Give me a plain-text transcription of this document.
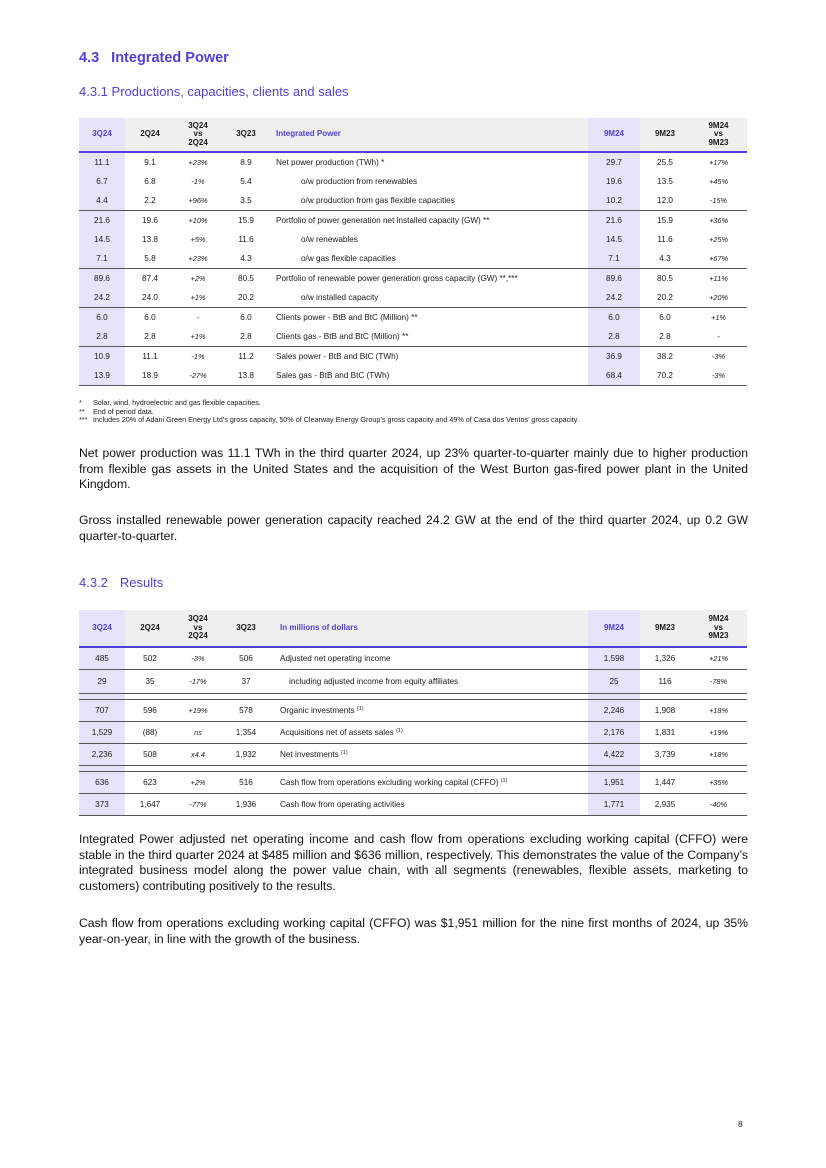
4.3 Integrated Power
4.3.1 Productions, capacities, clients and sales
3Q24	2Q24	3Q24
vs
2Q24	3Q23	Integrated Power	9M24	9M23	9M24
vs
9M23
11.1	9.1	+23%	8.9	Net power production (TWh) *	29.7	25.5	+17%
6.7	6.8	-1%	5.4	o/w production from renewables	19.6	13.5	+45%
4.4	2.2	+96%	3.5	o/w production from gas flexible capacities	10.2	12.0	-15%
21.6	19.6	+10%	15.9	Portfolio of power generation net installed capacity (GW) **	21.6	15.9	+36%
14.5	13.8	+5%	11.6	o/w renewables	14.5	11.6	+25%
7.1	5.8	+23%	4.3	o/w gas flexible capacities	7.1	4.3	+67%
89.6	87.4	+2%	80.5	Portfolio of renewable power generation gross capacity (GW) **,***	89.6	80.5	+11%
24.2	24.0	+1%	20.2	o/w installed capacity	24.2	20.2	+20%
6.0	6.0	-	6.0	Clients power - BtB and BtC (Million) **	6.0	6.0	+1%
2.8	2.8	+1%	2.8	Clients gas - BtB and BtC (Million) **	2.8	2.8	-
10.9	11.1	-1%	11.2	Sales power - BtB and BtC (TWh)	36.9	38.2	-3%
13.9	18.9	-27%	13.8	Sales gas - BtB and BtC (TWh)	68.4	70.2	-3%
*	Solar, wind, hydroelectric and gas flexible capacities.
**	End of period data.
*** Includes 20% of Adani Green Energy Ltd’s gross capacity, 50% of Clearway Energy Group’s gross capacity and 49% of Casa dos Ventos’ gross capacity.
Net power production was 11.1 TWh in the third quarter 2024, up 23% quarter-to-quarter mainly due to higher production from flexible gas assets in the United States and the acquisition of the West Burton gas-fired power plant in the United Kingdom.
Gross installed renewable power generation capacity reached 24.2 GW at the end of the third quarter 2024, up 0.2 GW quarter-to-quarter.
4.3.2 Results
3Q24	2Q24	3Q24
vs
2Q24	3Q23	In millions of dollars	9M24	9M23	9M24
vs
9M23
485	502	-3%	506	Adjusted net operating income	1,598	1,326	+21%
29	35	-17%	37	including adjusted income from equity affiliates	25	116	-78%

707	596	+19%	578	Organic investments $^{(1)}$	2,246	1,908	+18%
1,529	(88)	ns	1,354	Acquisitions net of assets sales $^{(1)}$	2,176	1,831	+19%
2,236	508	x4.4	1,932	Net investments $^{(1)}$	4,422	3,739	+18%

636	623	+2%	516	Cash flow from operations excluding working capital (CFFO) $^{(1)}$	1,951	1,447	+35%
373	1,647	-77%	1,936	Cash flow from operating activities	1,771	2,935	-40%
Integrated Power adjusted net operating income and cash flow from operations excluding working capital (CFFO) were stable in the third quarter 2024 at $485 million and $636 million, respectively. This demonstrates the value of the Company’s integrated business model along the power value chain, with all segments (renewables, flexible assets, marketing to customers) contributing positively to the results.
Cash flow from operations excluding working capital (CFFO) was $1,951 million for the nine first months of 2024, up 35% year-on-year, in line with the growth of the business.
8
